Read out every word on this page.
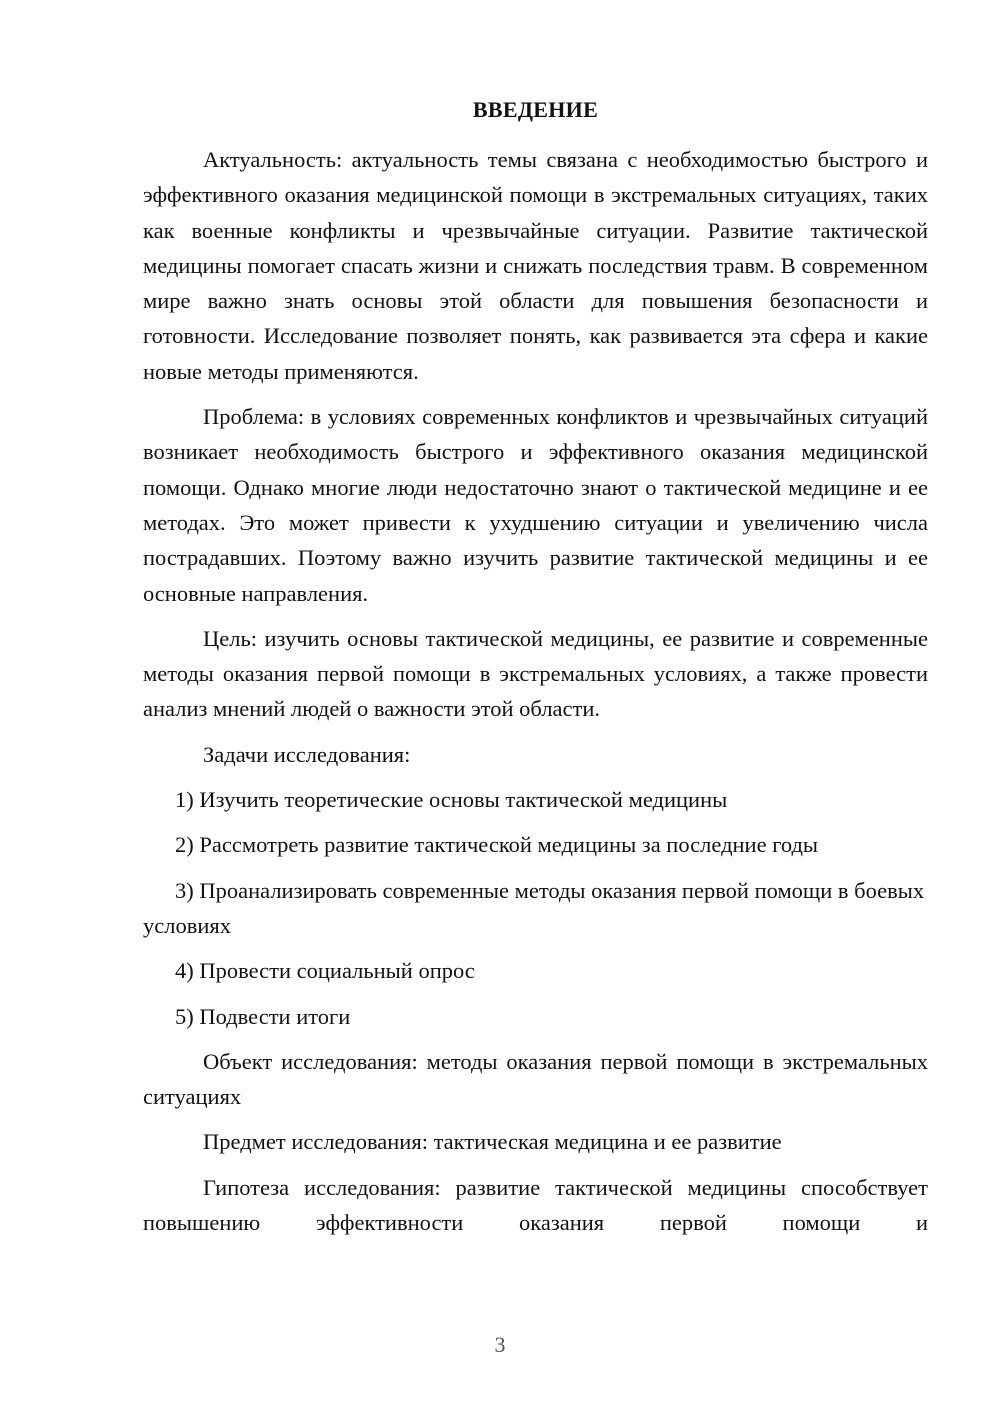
ВВЕДЕНИЕ

Актуальность: актуальность темы связана с необходимостью быстрого и эффективного оказания медицинской помощи в экстремальных ситуациях, таких как военные конфликты и чрезвычайные ситуации. Развитие тактической медицины помогает спасать жизни и снижать последствия травм. В современном мире важно знать основы этой области для повышения безопасности и готовности. Исследование позволяет понять, как развивается эта сфера и какие новые методы применяются.

Проблема: в условиях современных конфликтов и чрезвычайных ситуаций возникает необходимость быстрого и эффективного оказания медицинской помощи. Однако многие люди недостаточно знают о тактической медицине и ее методах. Это может привести к ухудшению ситуации и увеличению числа пострадавших. Поэтому важно изучить развитие тактической медицины и ее основные направления.

Цель: изучить основы тактической медицины, ее развитие и современные методы оказания первой помощи в экстремальных условиях, а также провести анализ мнений людей о важности этой области.

Задачи исследования:

1) Изучить теоретические основы тактической медицины

2) Рассмотреть развитие тактической медицины за последние годы

3) Проанализировать современные методы оказания первой помощи в боевых условиях

4) Провести социальный опрос

5) Подвести итоги

Объект исследования: методы оказания первой помощи в экстремальных ситуациях

Предмет исследования: тактическая медицина и ее развитие

Гипотеза исследования: развитие тактической медицины способствует повышению эффективности оказания первой помощи и

3
